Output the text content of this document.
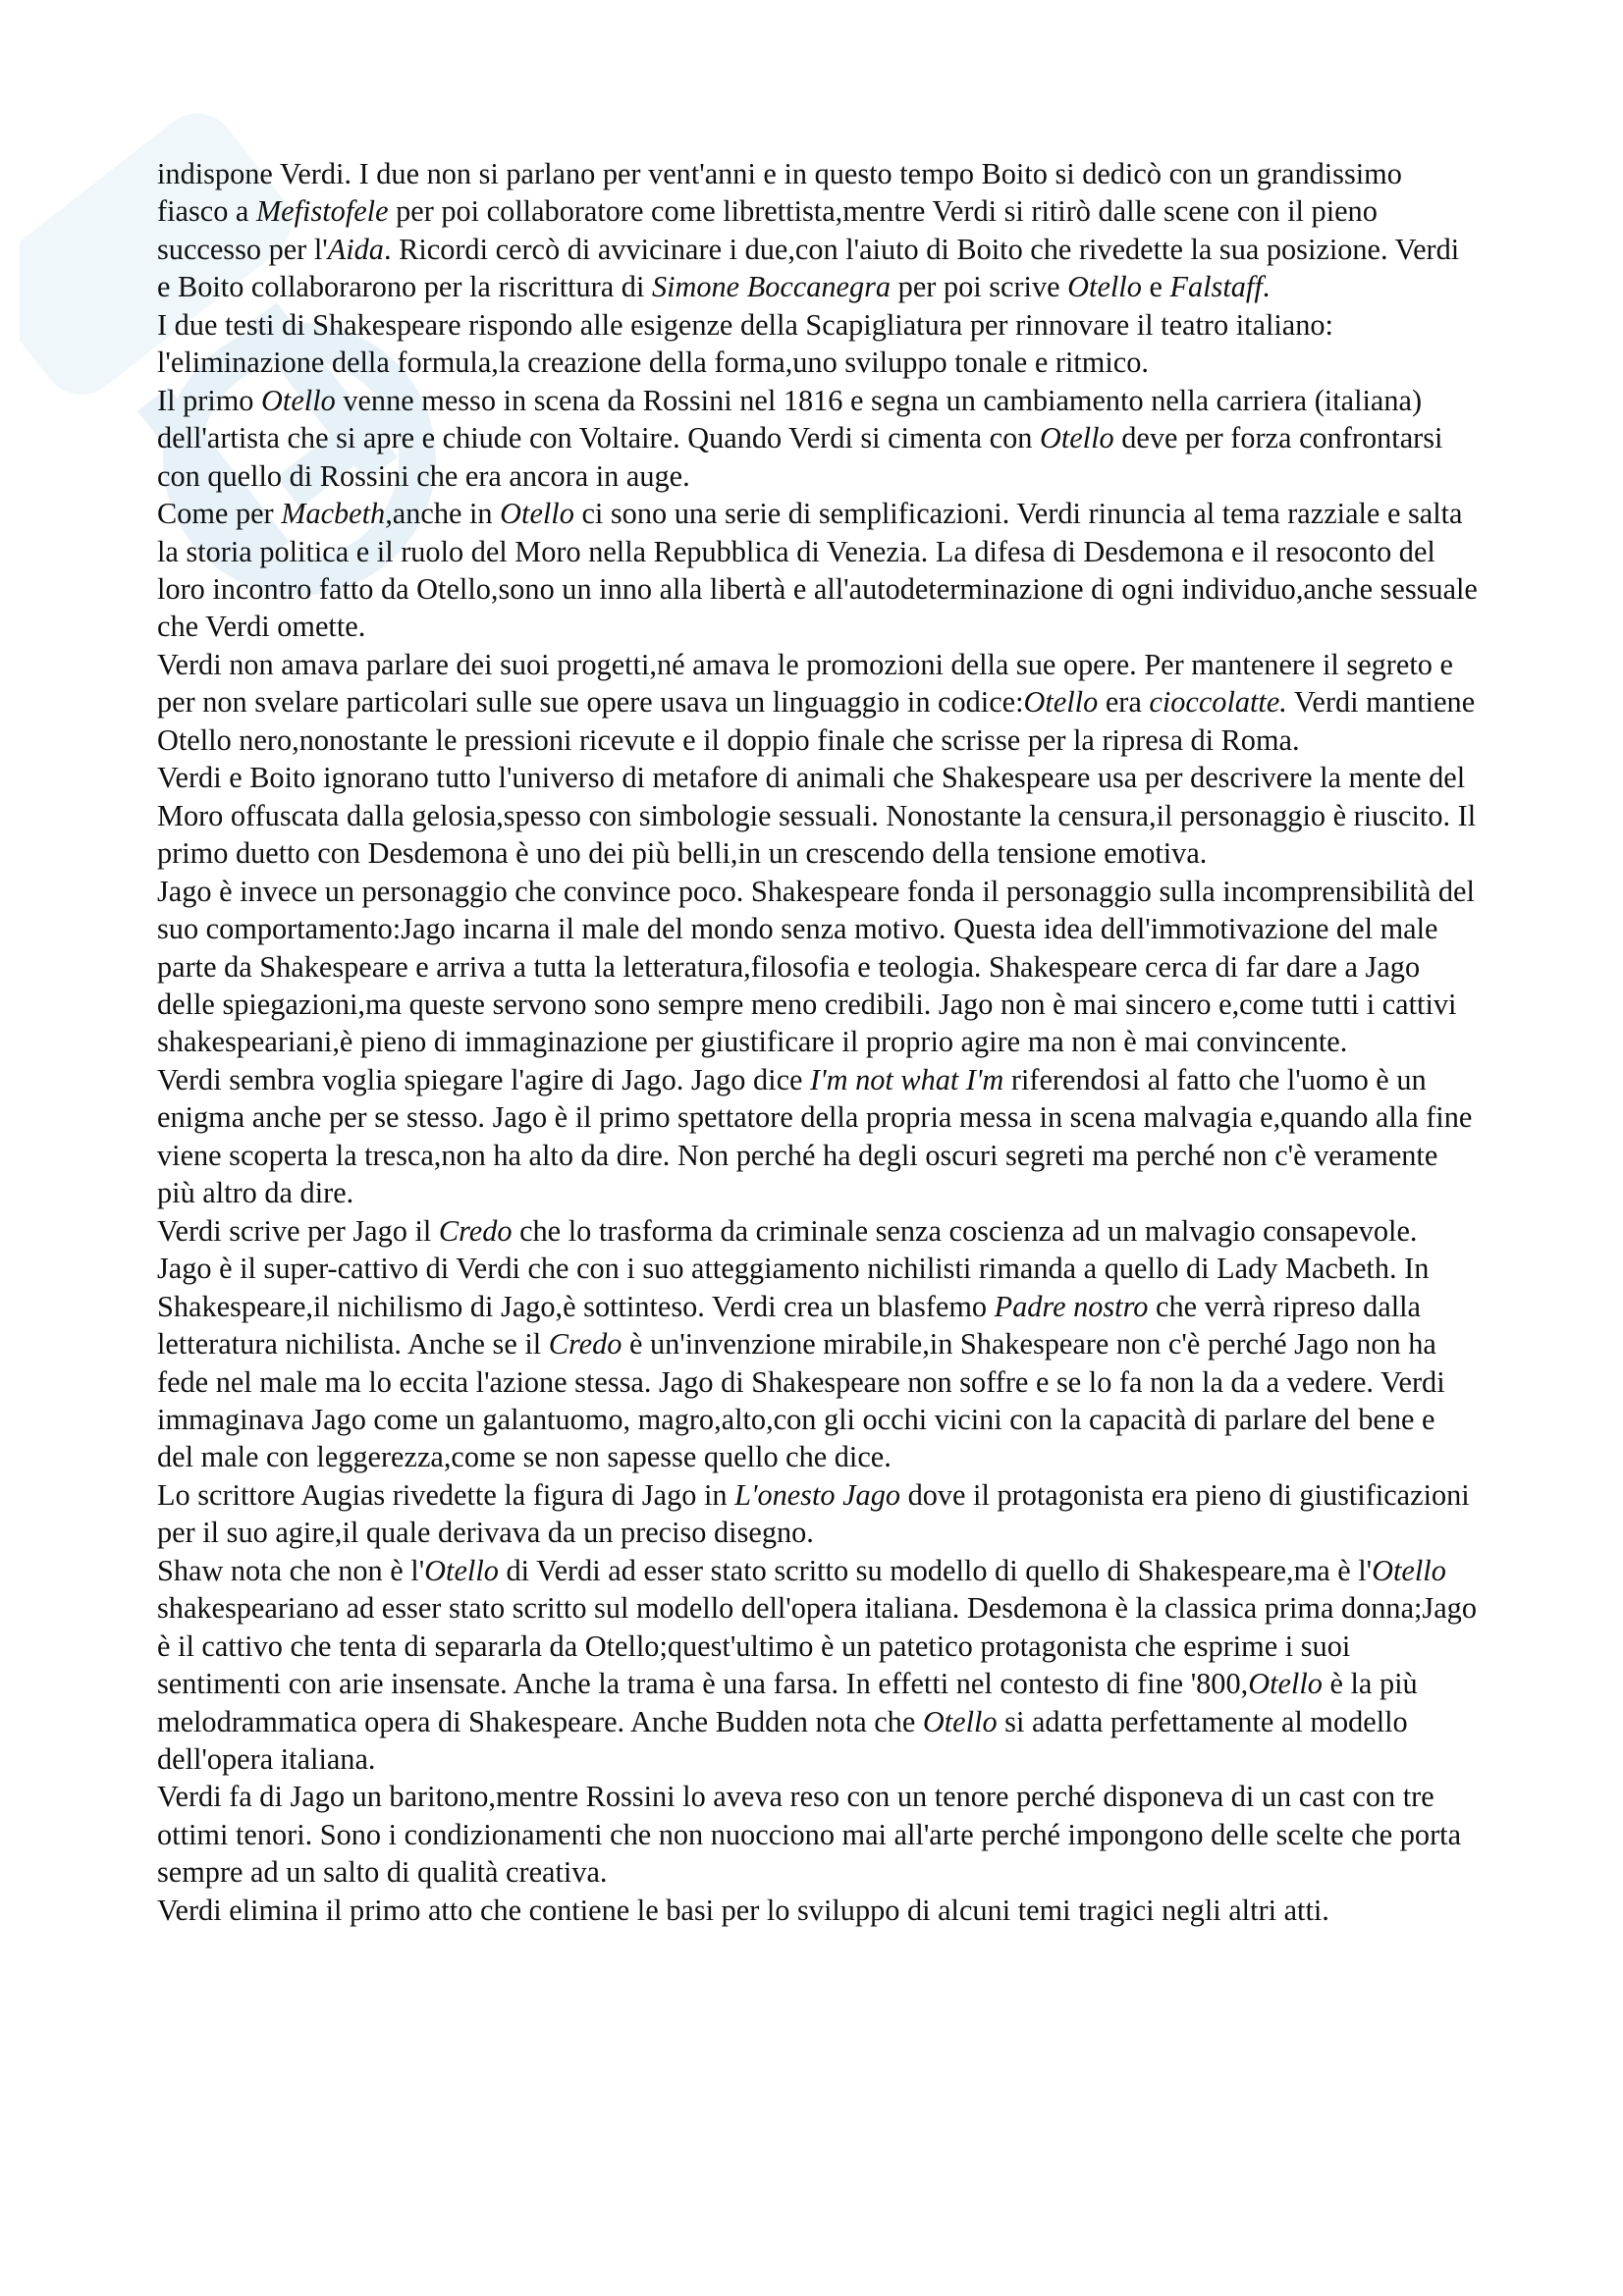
indispone Verdi. I due non si parlano per vent'anni e in questo tempo Boito si dedicò con un grandissimo fiasco a Mefistofele per poi collaboratore come librettista,mentre Verdi si ritirò dalle scene con il pieno successo per l'Aida. Ricordi cercò di avvicinare i due,con l'aiuto di Boito che rivedette la sua posizione. Verdi e Boito collaborarono per la riscrittura di Simone Boccanegra per poi scrive Otello e Falstaff.

I due testi di Shakespeare rispondo alle esigenze della Scapigliatura per rinnovare il teatro italiano: l'eliminazione della formula,la creazione della forma,uno sviluppo tonale e ritmico.

Il primo Otello venne messo in scena da Rossini nel 1816 e segna un cambiamento nella carriera (italiana) dell'artista che si apre e chiude con Voltaire. Quando Verdi si cimenta con Otello deve per forza confrontarsi con quello di Rossini che era ancora in auge.

Come per Macbeth,anche in Otello ci sono una serie di semplificazioni. Verdi rinuncia al tema razziale e salta la storia politica e il ruolo del Moro nella Repubblica di Venezia. La difesa di Desdemona e il resoconto del loro incontro fatto da Otello,sono un inno alla libertà e all'autodeterminazione di ogni individuo,anche sessuale che Verdi omette.

Verdi non amava parlare dei suoi progetti,né amava le promozioni della sue opere. Per mantenere il segreto e per non svelare particolari sulle sue opere usava un linguaggio in codice:Otello era cioccolatte. Verdi mantiene Otello nero,nonostante le pressioni ricevute e il doppio finale che scrisse per la ripresa di Roma.

Verdi e Boito ignorano tutto l'universo di metafore di animali che Shakespeare usa per descrivere la mente del Moro offuscata dalla gelosia,spesso con simbologie sessuali. Nonostante la censura,il personaggio è riuscito. Il primo duetto con Desdemona è uno dei più belli,in un crescendo della tensione emotiva.

Jago è invece un personaggio che convince poco. Shakespeare fonda il personaggio sulla incomprensibilità del suo comportamento:Jago incarna il male del mondo senza motivo. Questa idea dell'immotivazione del male parte da Shakespeare e arriva a tutta la letteratura,filosofia e teologia. Shakespeare cerca di far dare a Jago delle spiegazioni,ma queste servono sono sempre meno credibili. Jago non è mai sincero e,come tutti i cattivi shakespeariani,è pieno di immaginazione per giustificare il proprio agire ma non è mai convincente.

Verdi sembra voglia spiegare l'agire di Jago. Jago dice I'm not what I'm riferendosi al fatto che l'uomo è un enigma anche per se stesso. Jago è il primo spettatore della propria messa in scena malvagia e,quando alla fine viene scoperta la tresca,non ha alto da dire. Non perché ha degli oscuri segreti ma perché non c'è veramente più altro da dire.

Verdi scrive per Jago il Credo che lo trasforma da criminale senza coscienza ad un malvagio consapevole. Jago è il super-cattivo di Verdi che con i suo atteggiamento nichilisti rimanda a quello di Lady Macbeth. In Shakespeare,il nichilismo di Jago,è sottinteso. Verdi crea un blasfemo Padre nostro che verrà ripreso dalla letteratura nichilista. Anche se il Credo è un'invenzione mirabile,in Shakespeare non c'è perché Jago non ha fede nel male ma lo eccita l'azione stessa. Jago di Shakespeare non soffre e se lo fa non la da a vedere. Verdi immaginava Jago come un galantuomo, magro,alto,con gli occhi vicini con la capacità di parlare del bene e del male con leggerezza,come se non sapesse quello che dice.

Lo scrittore Augias rivedette la figura di Jago in L'onesto Jago dove il protagonista era pieno di giustificazioni per il suo agire,il quale derivava da un preciso disegno.

Shaw nota che non è l'Otello di Verdi ad esser stato scritto su modello di quello di Shakespeare,ma è l'Otello shakespeariano ad esser stato scritto sul modello dell'opera italiana. Desdemona è la classica prima donna;Jago è il cattivo che tenta di separarla da Otello;quest'ultimo è un patetico protagonista che esprime i suoi sentimenti con arie insensate. Anche la trama è una farsa. In effetti nel contesto di fine '800,Otello è la più melodrammatica opera di Shakespeare. Anche Budden nota che Otello si adatta perfettamente al modello dell'opera italiana.

Verdi fa di Jago un baritono,mentre Rossini lo aveva reso con un tenore perché disponeva di un cast con tre ottimi tenori. Sono i condizionamenti che non nuocciono mai all'arte perché impongono delle scelte che porta sempre ad un salto di qualità creativa.

Verdi elimina il primo atto che contiene le basi per lo sviluppo di alcuni temi tragici negli altri atti.
